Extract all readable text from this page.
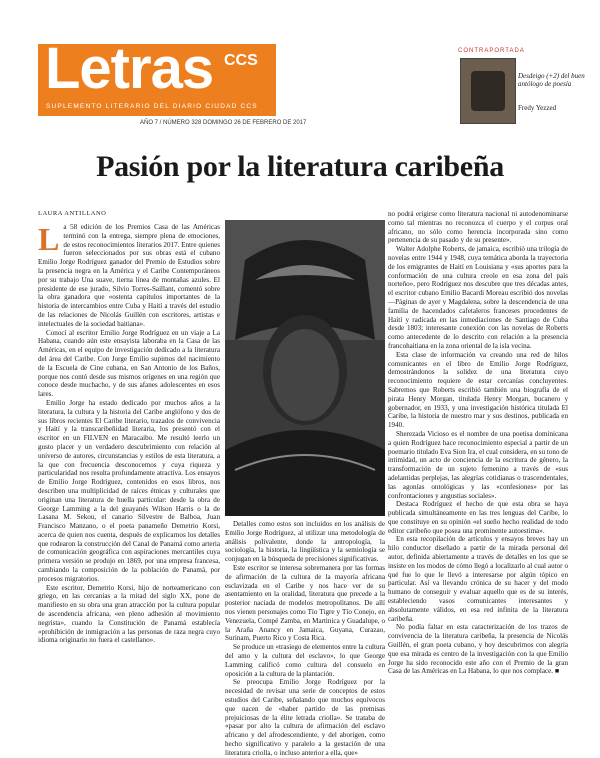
Letras CCS
SUPLEMENTO LITERARIO DEL DIARIO CIUDAD CCS
AÑO 7 / NÚMERO 328 DOMINGO 26 DE FEBRERO DE 2017
CONTRAPORTADA
Desdeigo (+2) del buen antólogo de poesía
Fredy Yezzed
Pasión por la literatura caribeña
LAURA ANTILLANO
L a 58 edición de los Premios Casa de las Américas terminó con la entrega, siempre plena de emociones, de estos reconocimientos literarios 2017. Entre quienes fueron seleccionados por sus obras está el cubano Emilio Jorge Rodríguez ganador del Premio de Estudios sobre la presencia negra en la América y el Caribe Contemporáneos por su trabajo Una suave, tierna línea de montañas azules. El presidente de ese jurado, Silvio Torres-Saillant, comentó sobre la obra ganadora que «ostenta capítulos importantes de la historia de intercambios entre Cuba y Haití a través del estudio de las relaciones de Nicolás Guillén con escritores, artistas e intelectuales de la sociedad haitiana».

Conocí al escritor Emilio Jorge Rodríguez en un viaje a La Habana, cuando aún este ensayista laboraba en la Casa de las Américas, en el equipo de investigación dedicado a la literatura del área del Caribe. Con Jorge Emilio supimos del nacimiento de la Escuela de Cine cubana, en San Antonio de los Baños, porque nos contó desde sus mismos orígenes en una región que conoce desde muchacho, y de sus afanes adolescentes en esos lares.

Emilio Jorge ha estado dedicado por muchos años a la literatura, la cultura y la historia del Caribe anglófono y dos de sus libros recientes El Caribe literario, trazados de convivencia y Haití y la transcaribeñidad literaria, los presentó con el escritor en un FILVEN en Maracaibo. Me resultó leerlo un gusto placer y un verdadero descubrimiento con relación al universo de autores, circunstancias y estilos de esta literatura, a la que con frecuencia desconocemos y cuya riqueza y particularidad nos resulta profundamente atractiva. Los ensayos de Emilio Jorge Rodríguez, contenidos en esos libros, nos describen una multiplicidad de raíces étnicas y culturales que originan una literatura de huella particular: desde la obra de George Lamming a la del guayanés Wilson Harris o la de Lasana M. Sekou, el canario Silvestre de Balboa, Juan Francisco Manzano, o el poeta panameño Demetrio Korsi, acerca de quien nos cuenta, después de explicarnos los detalles que rodearon la construcción del Canal de Panamá como arteria de comunicación geográfica con aspiraciones mercantiles cuya primera versión se produjo en 1869, por una empresa francesa, cambiando la composición de la población de Panamá, por procesos migratorios.

Este escritor, Demetrio Korsi, hijo de norteamericano con griego, en las cercanías a la mitad del siglo XX, pone de manifiesto en su obra una gran atracción por la cultura popular de ascendencia africana, «en pleno adhesión al movimiento negrista», cuando la Constitución de Panamá establecía «prohibición de inmigración a las personas de raza negra cuyo idioma originario no fuera el castellano».

Detalles como estos son incluidos en los análisis de Emilio Jorge Rodríguez, al utilizar una metodología de análisis polivalente, donde la antropología, la sociología, la historia, la lingüística y la semiología se conjugan en la búsqueda de precisiones significativas.

Este escritor se interesa sobremanera por las formas de afirmación de la cultura de la mayoría africana esclavizada en el Caribe y nos hace ver de su asentamiento en la oralidad, literatura que precede a la posterior naciada de modelos metropolitanos. De allí nos vienen personajes como Tío Tigre y Tío Conejo, en Venezuela, Compé Zamba, en Martinica y Guadalupe, o la Araña Anancy en Jamaica, Guyana, Curazao, Surinam, Puerto Rico y Costa Rica.

Se produce un «trasiego de elementos entre la cultura del amo y la cultura del esclavo», lo que George Lamming calificó como cultura del consuelo en oposición a la cultura de la plantación.

Se preocupa Emilio Jorge Rodríguez por la necesidad de revisar una serie de conceptos de estos estudios del Caribe, señalando que muchos equívocos que nacen de «haber partido de las premisas prejuiciosas de la élite letrada criolla». Se trataba de «pasar por alto la cultura de afirmación del esclavo africano y del afrodescendiente, y del aborigen, como hecho significativo y paralelo a la gestación de una literatura criolla, o incluso anterior a ella, que»

no podrá erigirse como literatura nacional ni autodenominarse como tal mientras no reconozca el cuerpo y el corpus oral africano, no sólo como herencia incorporada sino como pertenencia de su pasado y de su presente».

Walter Adolphe Roberts, de jamaica, escribió una trilogía de novelas entre 1944 y 1948, cuya temática aborda la trayectoria de los emigrantes de Haití en Louisiana y «sus aportes para la conformación de una cultura creole en esa zona del país norteño», pero Rodríguez nos descubre que tres décadas antes, el escritor cubano Emilio Bacardi Moreau escribió dos novelas —Páginas de ayer y Magdalena, sobre la descendencia de una familia de hacendados cafetaleros franceses procedentes de Haití y radicada en las inmediaciones de Santiago de Cuba desde 1803; interesante conexión con las novelas de Roberts como antecedente de lo descrito con relación a la presencia francohaitiana en la zona oriental de la isla vecina.

Esta clase de información va creando una red de hilos comunicantes en el libro de Emilio Jorge Rodríguez, demostrándonos la solidez de una literatura cuyo reconocimiento requiere de estar cercanías concluyentes. Sabremos que Roberts escribió también una biografía de el pirata Henry Morgan, titulada Henry Morgan, bucanero y gobernador, en 1933, y una investigación histórica titulada El Caribe, la historia de nuestro mar y sus destinos, publicada en 1940.

Sherezada Vicioso es el nombre de una poetisa dominicana a quien Rodríguez hace reconocimiento especial a partir de un poemario titulado Eva Sion Ira, el cual considera, en su tono de intimidad, un acto de conciencia de la escritura de género, la transformación de un sujeto femenino a través de «sus adelantidas perplejas, las alegrías cotidianas o trascendentales, las agonías ontológicas y las «confesiones» por las confrontaciones y angustias sociales».

Destaca Rodríguez el hecho de que esta obra se haya publicada simultáneamente en las tres lenguas del Caribe, lo que constituye en su opinión «el sueño hecho realidad de todo editor caribeño que posea una prominente autoestima».

En esta recopilación de artículos y ensayos breves hay un hilo conductor diseñado a partir de la mirada personal del autor, definida abiertamente a través de detalles en los que se insiste en los modos de cómo llegó a localizarlo al cual autor o qué fue lo que le llevó a interesarse por algún tópico en particular. Así va llevando crónica de su hacer y del modo humano de conseguir y evaluar aquello que es de su interés, estableciendo vasos comunicantes interesantes y absolutamente válidos, en esa red infinita de la literatura caribeña.

No podía faltar en esta caracterización de los trazos de convivencia de la literatura caribeña, la presencia de Nicolás Guillén, el gran poeta cubano, y hoy descubrimos con alegría que esa mirada es centro de la investigación con la que Emilio Jorge ha sido reconocido este año con el Premio de la gran Casa de las Américas en La Habana, lo que nos complace. ■
